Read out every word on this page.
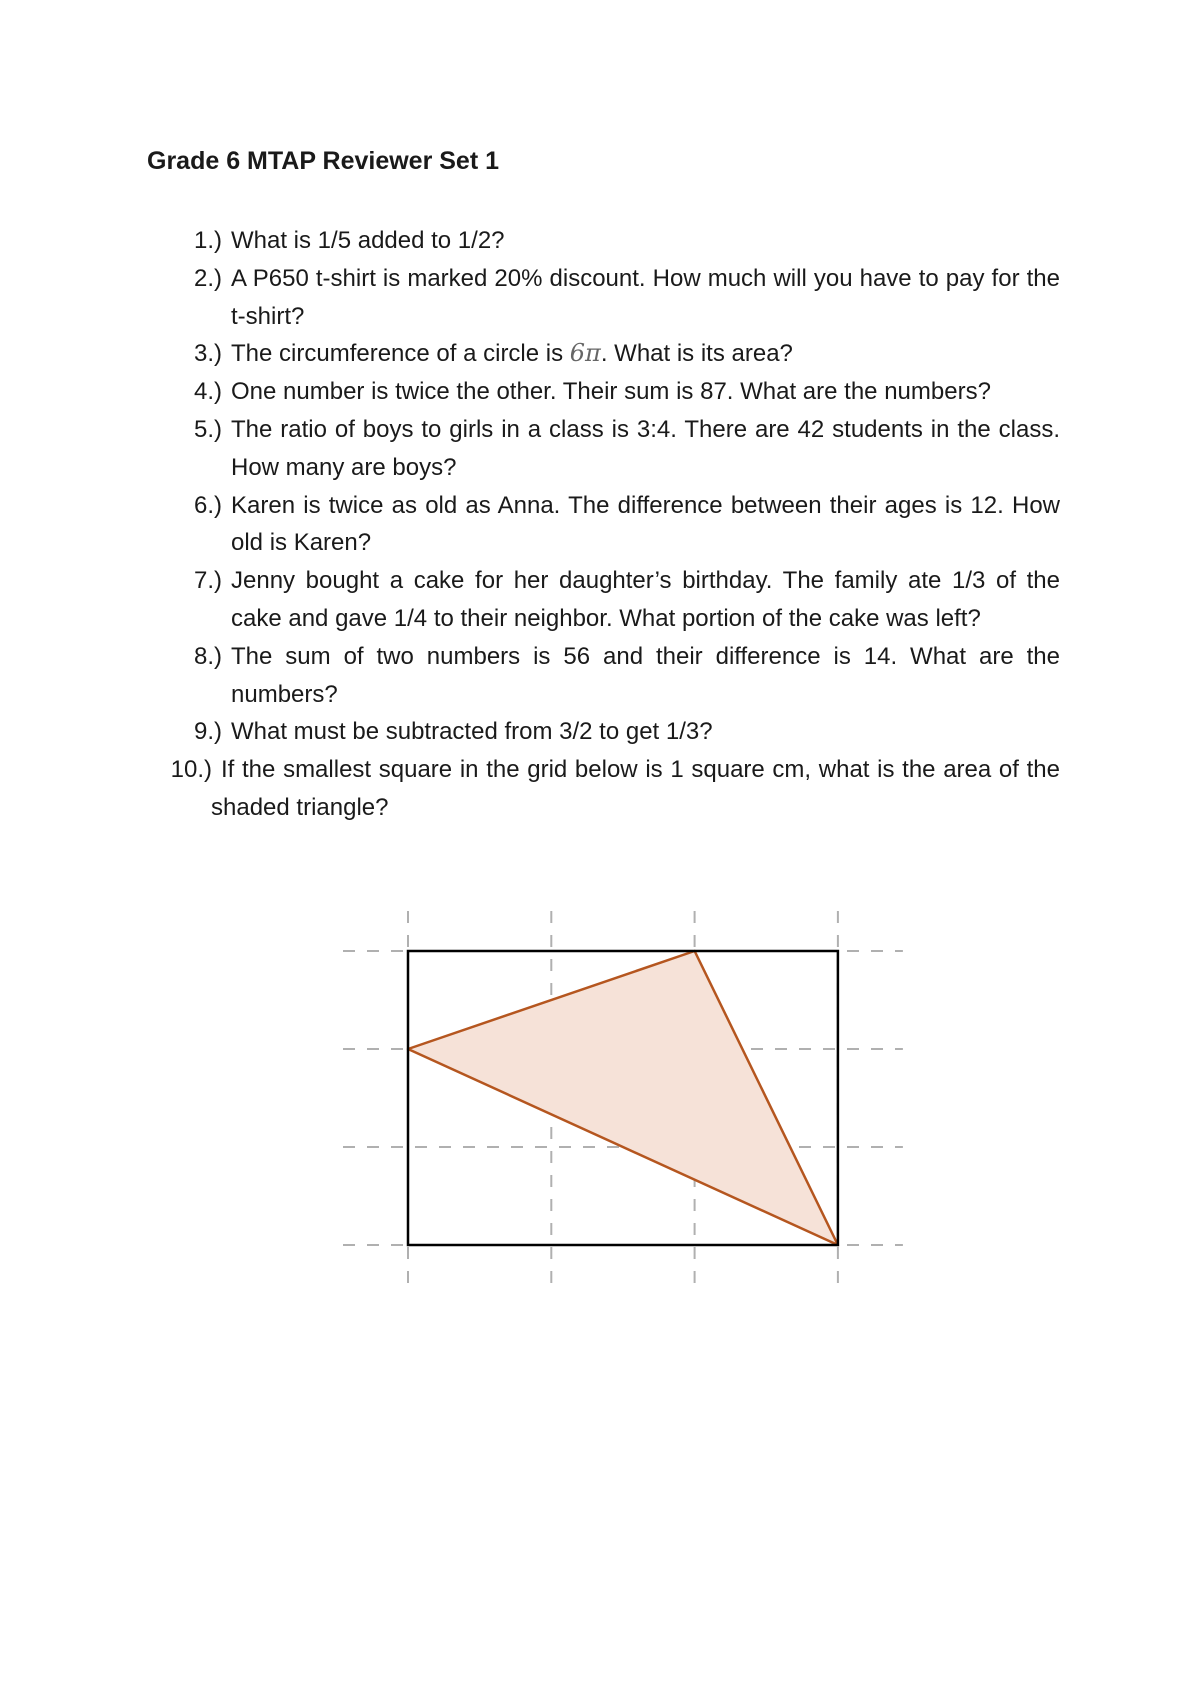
Grade 6 MTAP Reviewer Set 1
1.) What is 1/5 added to 1/2?
2.) A P650 t-shirt is marked 20% discount. How much will you have to pay for the t-shirt?
3.) The circumference of a circle is 6π. What is its area?
4.) One number is twice the other. Their sum is 87. What are the numbers?
5.) The ratio of boys to girls in a class is 3:4. There are 42 students in the class. How many are boys?
6.) Karen is twice as old as Anna. The difference between their ages is 12. How old is Karen?
7.) Jenny bought a cake for her daughter’s birthday. The family ate 1/3 of the cake and gave 1/4 to their neighbor. What portion of the cake was left?
8.) The sum of two numbers is 56 and their difference is 14. What are the numbers?
9.) What must be subtracted from 3/2 to get 1/3?
10.) If the smallest square in the grid below is 1 square cm, what is the area of the shaded triangle?
